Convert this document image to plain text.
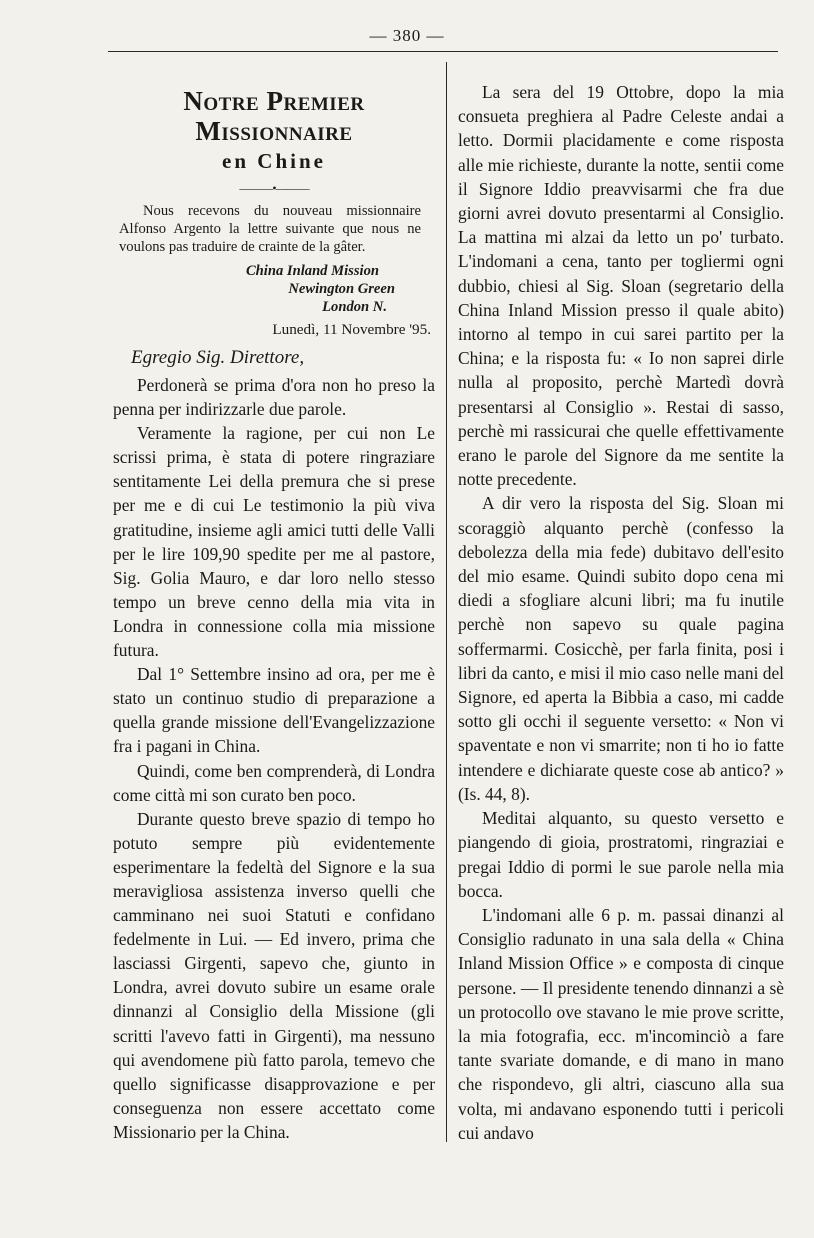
— 380 —
Notre Premier Missionnaire
en Chine
———•———

Nous recevons du nouveau missionnaire Alfonso Argento la lettre suivante que nous ne voulons pas traduire de crainte de la gâter.

China Inland Mission
Newington Green
London N.
Lunedì, 11 Novembre '95.
Egregio Sig. Direttore,

Perdonerà se prima d'ora non ho preso la penna per indirizzarle due parole.

Veramente la ragione, per cui non Le scrissi prima, è stata di potere ringraziare sentitamente Lei della premura che si prese per me e di cui Le testimonio la più viva gratitudine, insieme agli amici tutti delle Valli per le lire 109,90 spedite per me al pastore, Sig. Golia Mauro, e dar loro nello stesso tempo un breve cenno della mia vita in Londra in connessione colla mia missione futura.

Dal 1° Settembre insino ad ora, per me è stato un continuo studio di preparazione a quella grande missione dell'Evangelizzazione fra i pagani in China.

Quindi, come ben comprenderà, di Londra come città mi son curato ben poco.

Durante questo breve spazio di tempo ho potuto sempre più evidentemente esperimentare la fedeltà del Signore e la sua meravigliosa assistenza inverso quelli che camminano nei suoi Statuti e confidano fedelmente in Lui. — Ed invero, prima che lasciassi Girgenti, sapevo che, giunto in Londra, avrei dovuto subire un esame orale dinnanzi al Consiglio della Missione (gli scritti l'avevo fatti in Girgenti), ma nessuno qui avendomene più fatto parola, temevo che quello significasse disapprovazione e per conseguenza non essere accettato come Missionario per la China.

La sera del 19 Ottobre, dopo la mia consueta preghiera al Padre Celeste andai a letto. Dormii placidamente e come risposta alle mie richieste, durante la notte, sentii come il Signore Iddio preavvisarmi che fra due giorni avrei dovuto presentarmi al Consiglio. La mattina mi alzai da letto un po' turbato. L'indomani a cena, tanto per togliermi ogni dubbio, chiesi al Sig. Sloan (segretario della China Inland Mission presso il quale abito) intorno al tempo in cui sarei partito per la China; e la risposta fu: « Io non saprei dirle nulla al proposito, perchè Martedì dovrà presentarsi al Consiglio ». Restai di sasso, perchè mi rassicurai che quelle effettivamente erano le parole del Signore da me sentite la notte precedente.

A dir vero la risposta del Sig. Sloan mi scoraggiò alquanto perchè (confesso la debolezza della mia fede) dubitavo dell'esito del mio esame. Quindi subito dopo cena mi diedi a sfogliare alcuni libri; ma fu inutile perchè non sapevo su quale pagina soffermarmi. Cosicchè, per farla finita, posi i libri da canto, e misi il mio caso nelle mani del Signore, ed aperta la Bibbia a caso, mi cadde sotto gli occhi il seguente versetto: « Non vi spaventate e non vi smarrite; non ti ho io fatte intendere e dichiarate queste cose ab antico? » (Is. 44, 8).

Meditai alquanto, su questo versetto e piangendo di gioia, prostratomi, ringraziai e pregai Iddio di pormi le sue parole nella mia bocca.

L'indomani alle 6 p. m. passai dinanzi al Consiglio radunato in una sala della « China Inland Mission Office » e composta di cinque persone. — Il presidente tenendo dinnanzi a sè un protocollo ove stavano le mie prove scritte, la mia fotografia, ecc. m'incominciò a fare tante svariate domande, e di mano in mano che rispondevo, gli altri, ciascuno alla sua volta, mi andavano esponendo tutti i pericoli cui andavo
